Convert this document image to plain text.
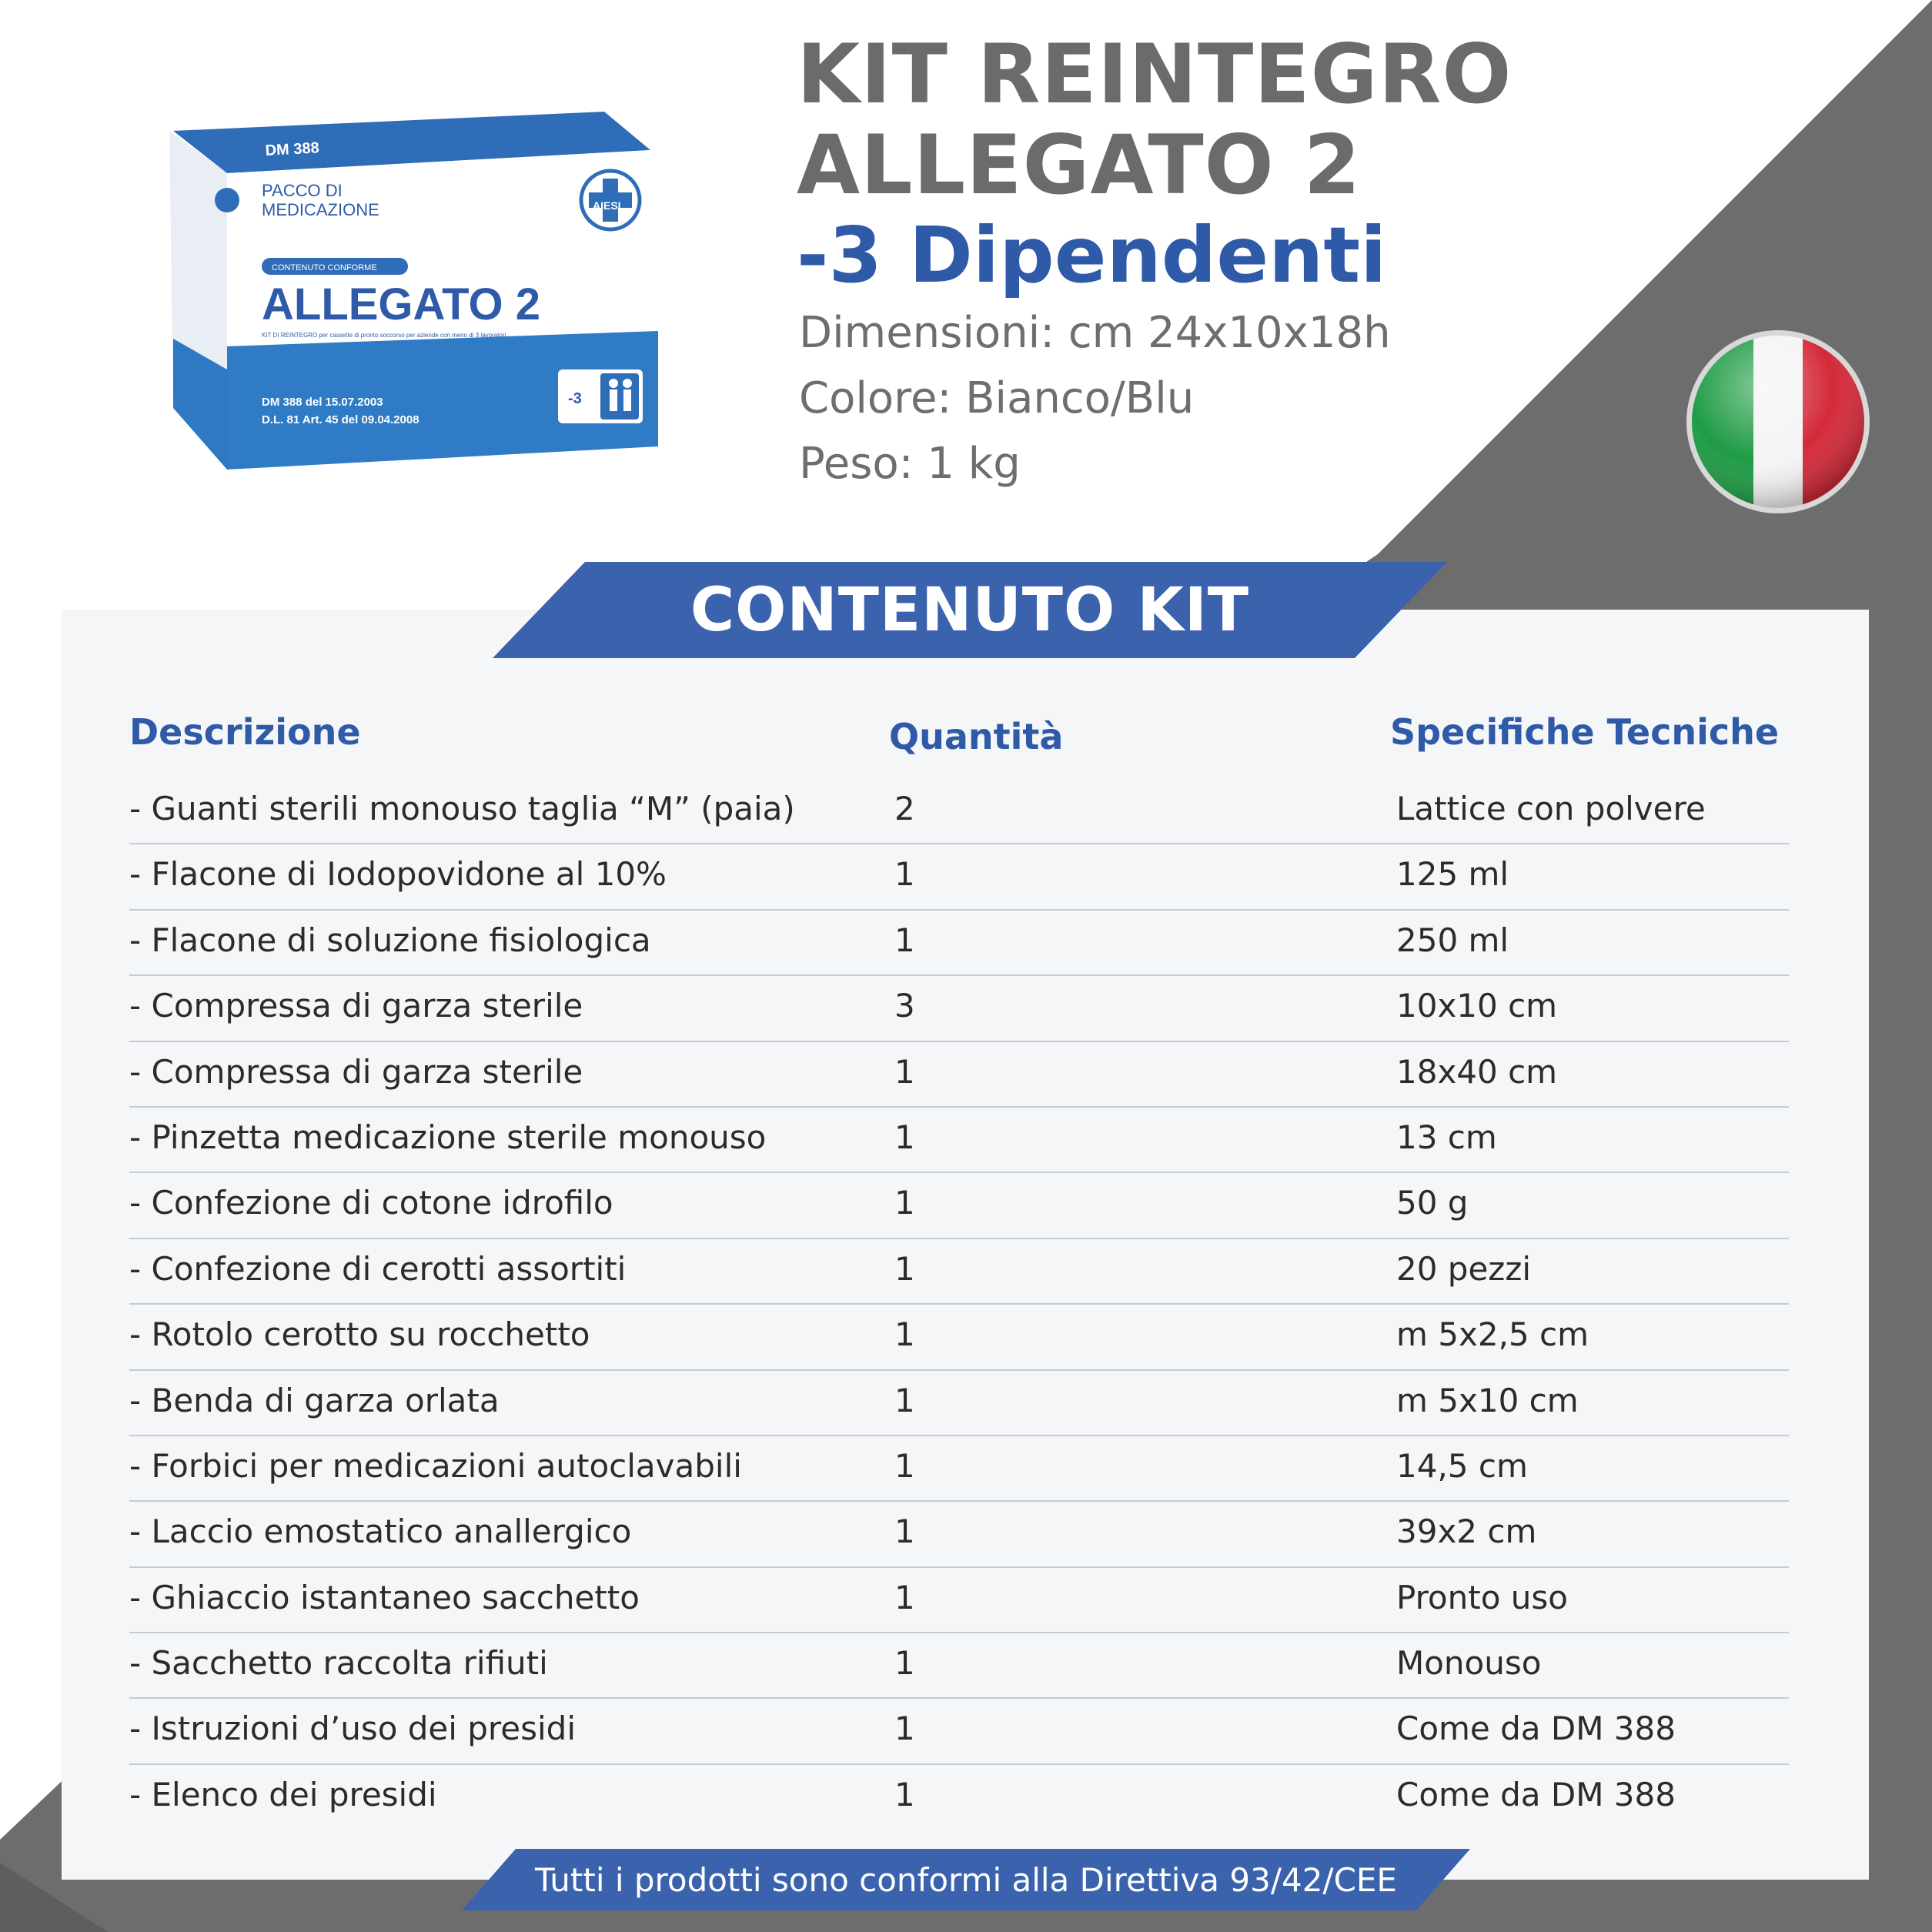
PACCO DI
MEDICAZIONE
CONTENUTO CONFORME
ALLEGATO 2
KIT DI REINTEGRO per cassette di pronto soccorso per aziende con meno di 3 lavoratori
DM 388 del 15.07.2003
D.L. 81 Art. 45 del 09.04.2008
-3
AIESI
DM 388
KIT REINTEGRO
ALLEGATO 2
-3 Dipendenti
Dimensioni: cm 24x10x18h
Colore: Bianco/Blu
Peso: 1 kg
CONTENUTO KIT
Descrizione	Quantità	Specifiche Tecniche
- Guanti sterili monouso taglia “M” (paia)	2	Lattice con polvere
- Flacone di Iodopovidone al 10%	1	125 ml
- Flacone di soluzione fisiologica	1	250 ml
- Compressa di garza sterile	3	10x10 cm
- Compressa di garza sterile	1	18x40 cm
- Pinzetta medicazione sterile monouso	1	13 cm
- Confezione di cotone idrofilo	1	50 g
- Confezione di cerotti assortiti	1	20 pezzi
- Rotolo cerotto su rocchetto	1	m 5x2,5 cm
- Benda di garza orlata	1	m 5x10 cm
- Forbici per medicazioni autoclavabili	1	14,5 cm
- Laccio emostatico anallergico	1	39x2 cm
- Ghiaccio istantaneo sacchetto	1	Pronto uso
- Sacchetto raccolta rifiuti	1	Monouso
- Istruzioni d’uso dei presidi	1	Come da DM 388
- Elenco dei presidi	1	Come da DM 388
Tutti i prodotti sono conformi alla Direttiva 93/42/CEE
